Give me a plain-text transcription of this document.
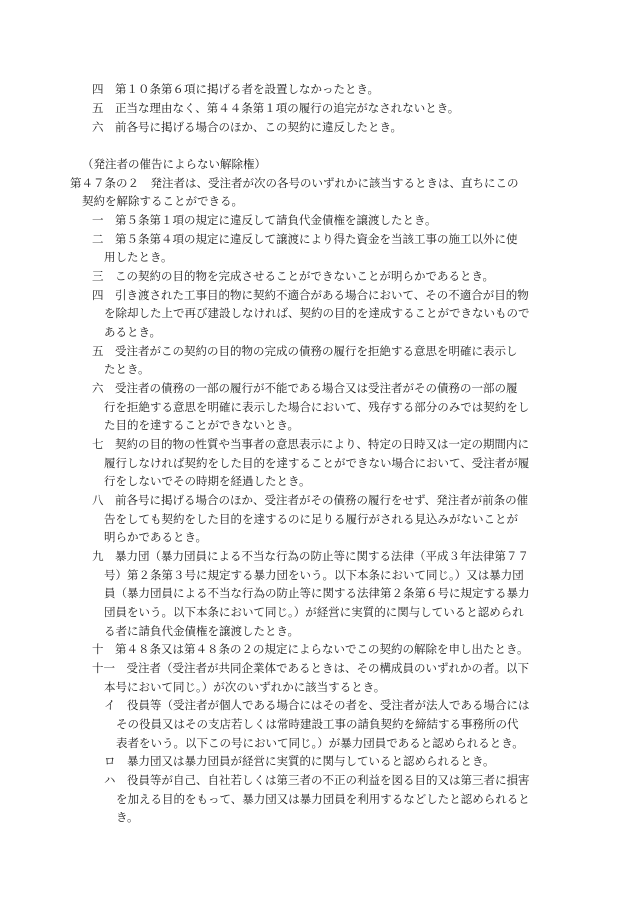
四　第１０条第６項に掲げる者を設置しなかったとき。
五　正当な理由なく、第４４条第１項の履行の追完がなされないとき。
六　前各号に掲げる場合のほか、この契約に違反したとき。
（発注者の催告によらない解除権）
第４７条の２　発注者は、受注者が次の各号のいずれかに該当するときは、直ちにこの
契約を解除することができる。
一　第５条第１項の規定に違反して請負代金債権を譲渡したとき。
二　第５条第４項の規定に違反して譲渡により得た資金を当該工事の施工以外に使
用したとき。
三　この契約の目的物を完成させることができないことが明らかであるとき。
四　引き渡された工事目的物に契約不適合がある場合において、その不適合が目的物
を除却した上で再び建設しなければ、契約の目的を達成することができないもので
あるとき。
五　受注者がこの契約の目的物の完成の債務の履行を拒絶する意思を明確に表示し
たとき。
六　受注者の債務の一部の履行が不能である場合又は受注者がその債務の一部の履
行を拒絶する意思を明確に表示した場合において、残存する部分のみでは契約をし
た目的を達することができないとき。
七　契約の目的物の性質や当事者の意思表示により、特定の日時又は一定の期間内に
履行しなければ契約をした目的を達することができない場合において、受注者が履
行をしないでその時期を経過したとき。
八　前各号に掲げる場合のほか、受注者がその債務の履行をせず、発注者が前条の催
告をしても契約をした目的を達するのに足りる履行がされる見込みがないことが
明らかであるとき。
九　暴力団（暴力団員による不当な行為の防止等に関する法律（平成３年法律第７７
号）第２条第３号に規定する暴力団をいう。以下本条において同じ。）又は暴力団
員（暴力団員による不当な行為の防止等に関する法律第２条第６号に規定する暴力
団員をいう。以下本条において同じ。）が経営に実質的に関与していると認められ
る者に請負代金債権を譲渡したとき。
十　第４８条又は第４８条の２の規定によらないでこの契約の解除を申し出たとき。
十一　受注者（受注者が共同企業体であるときは、その構成員のいずれかの者。以下
本号において同じ。）が次のいずれかに該当するとき。
イ　役員等（受注者が個人である場合にはその者を、受注者が法人である場合には
その役員又はその支店若しくは常時建設工事の請負契約を締結する事務所の代
表者をいう。以下この号において同じ。）が暴力団員であると認められるとき。
ロ　暴力団又は暴力団員が経営に実質的に関与していると認められるとき。
ハ　役員等が自己、自社若しくは第三者の不正の利益を図る目的又は第三者に損害
を加える目的をもって、暴力団又は暴力団員を利用するなどしたと認められると
き。
